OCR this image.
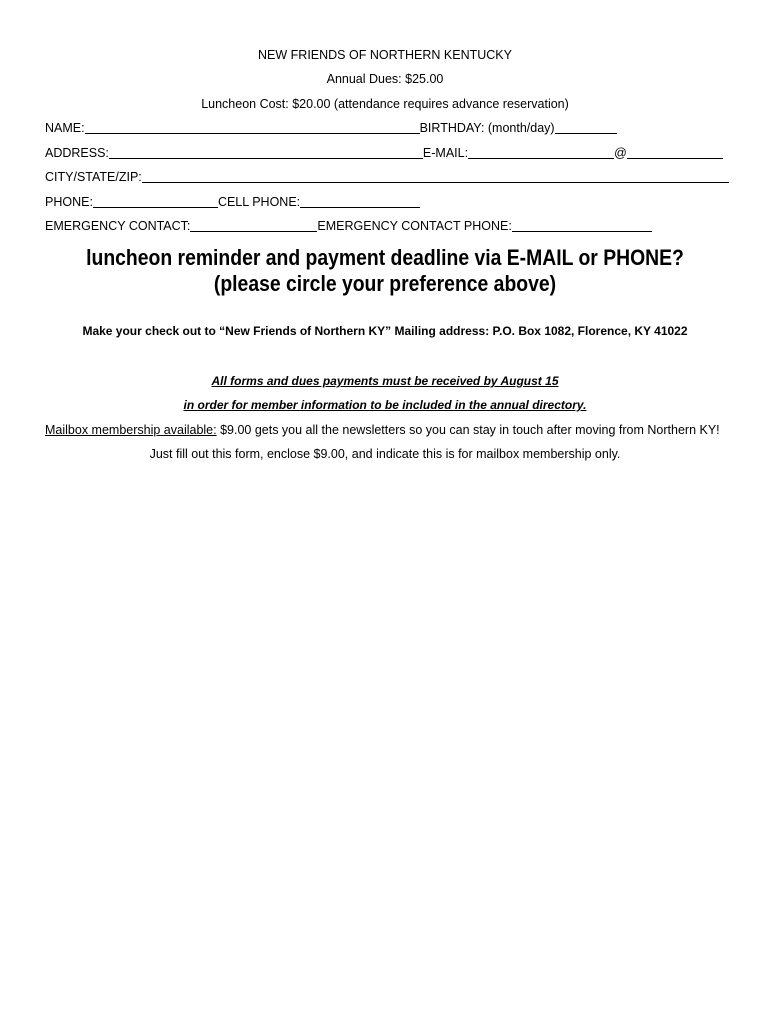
NEW FRIENDS OF NORTHERN KENTUCKY
Annual Dues: $25.00
Luncheon Cost: $20.00 (attendance requires advance reservation)
NAME:	BIRTHDAY: (month/day)
ADDRESS:	E-MAIL:	@
CITY/STATE/ZIP:
PHONE:	CELL PHONE:
EMERGENCY CONTACT:	EMERGENCY CONTACT PHONE:
luncheon reminder and payment deadline via E-MAIL or PHONE?
(please circle your preference above)
Make your check out to “New Friends of Northern KY” Mailing address: P.O. Box 1082, Florence, KY 41022
All forms and dues payments must be received by August 15
in order for member information to be included in the annual directory.
Mailbox membership available: $9.00 gets you all the newsletters so you can stay in touch after moving from Northern KY!
Just fill out this form, enclose $9.00, and indicate this is for mailbox membership only.
